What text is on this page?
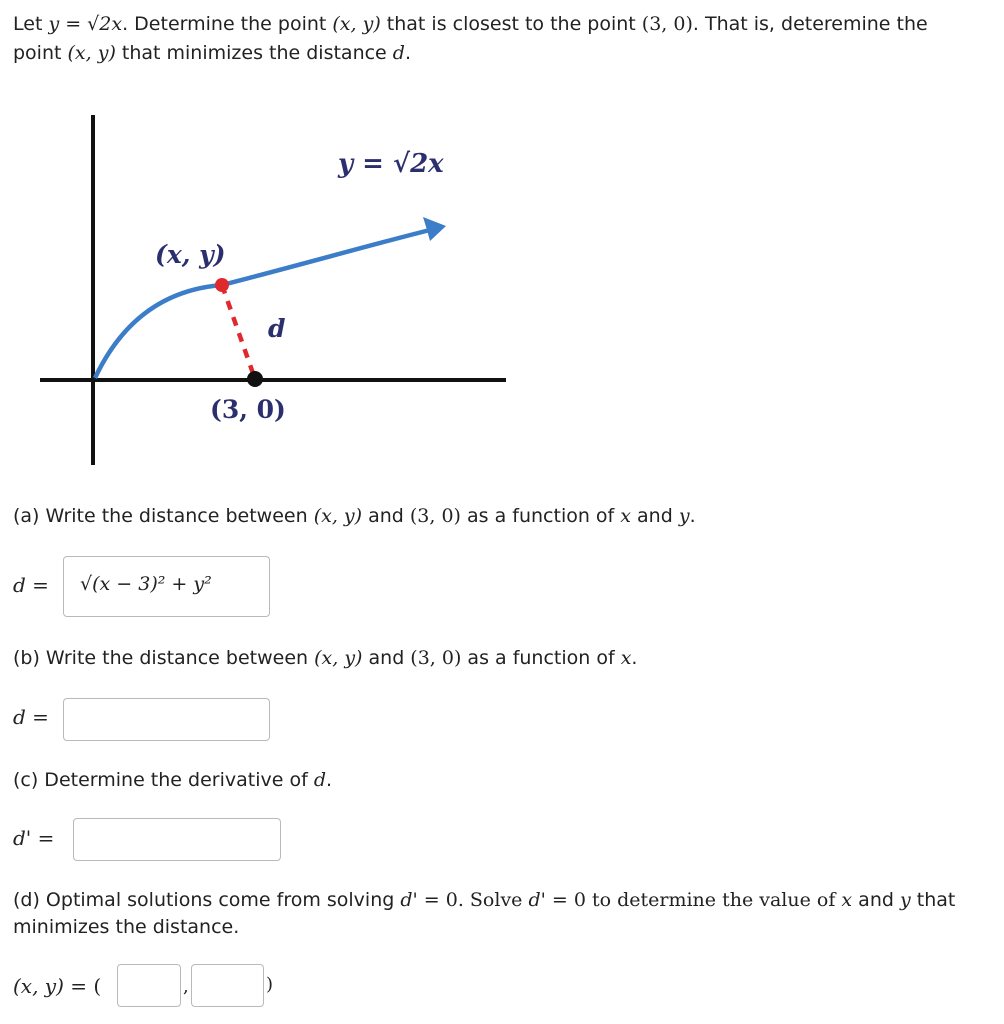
Let y = √2x. Determine the point (x, y) that is closest to the point (3, 0). That is, deteremine the
point (x, y) that minimizes the distance d.
y = √2x
(x, y)
d
(3, 0)
(a) Write the distance between (x, y) and (3, 0) as a function of x and y.
d = √(x − 3)² + y²
(b) Write the distance between (x, y) and (3, 0) as a function of x.
d =
(c) Determine the derivative of d.
d' =
(d) Optimal solutions come from solving d' = 0. Solve d' = 0 to determine the value of x and y that
minimizes the distance.
(x, y) = (	,	)
